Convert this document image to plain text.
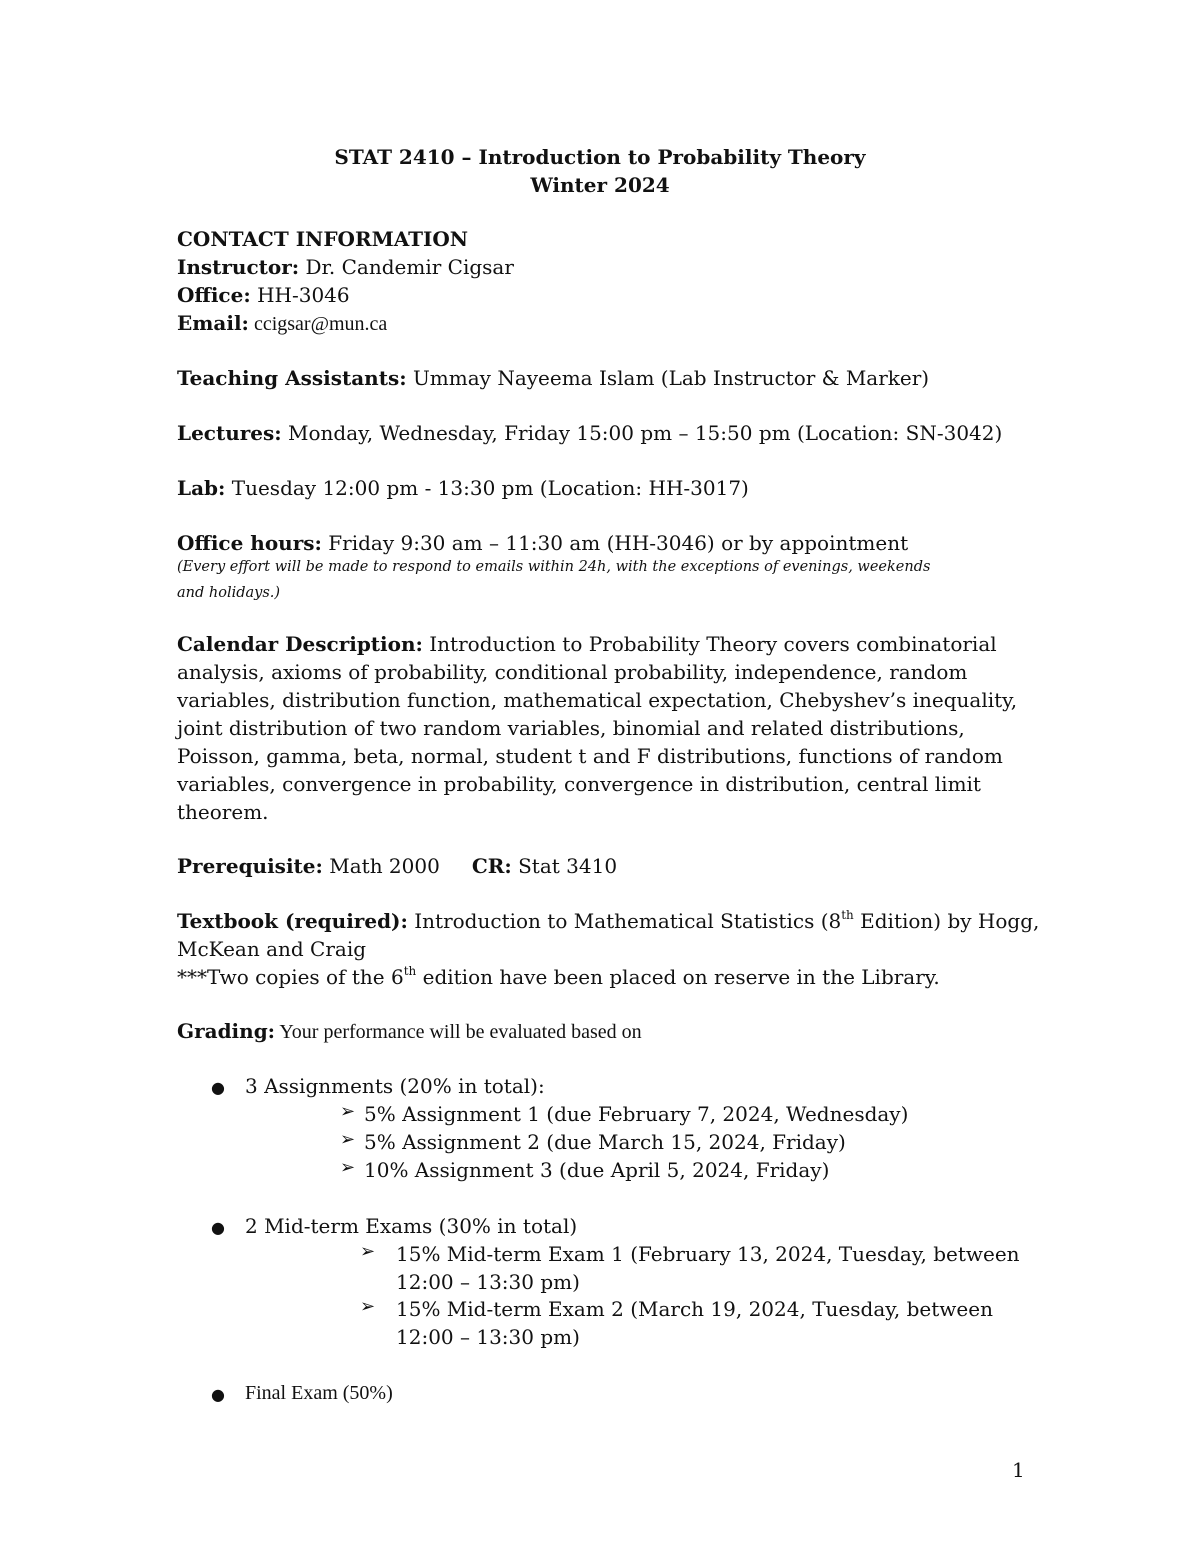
STAT 2410 – Introduction to Probability Theory
Winter 2024
CONTACT INFORMATION
Instructor: Dr. Candemir Cigsar
Office: HH-3046
Email: ccigsar@mun.ca
Teaching Assistants: Ummay Nayeema Islam (Lab Instructor & Marker)
Lectures: Monday, Wednesday, Friday 15:00 pm – 15:50 pm (Location: SN-3042)
Lab: Tuesday 12:00 pm - 13:30 pm (Location: HH-3017)
Office hours: Friday 9:30 am – 11:30 am (HH-3046) or by appointment
(Every effort will be made to respond to emails within 24h, with the exceptions of evenings, weekends
and holidays.)
Calendar Description: Introduction to Probability Theory covers combinatorial
analysis, axioms of probability, conditional probability, independence, random
variables, distribution function, mathematical expectation, Chebyshev’s inequality,
joint distribution of two random variables, binomial and related distributions,
Poisson, gamma, beta, normal, student t and F distributions, functions of random
variables, convergence in probability, convergence in distribution, central limit
theorem.
Prerequisite: Math 2000 CR: Stat 3410
Textbook (required): Introduction to Mathematical Statistics (8th Edition) by Hogg,
McKean and Craig
***Two copies of the 6th edition have been placed on reserve in the Library.
Grading: Your performance will be evaluated based on
● 3 Assignments (20% in total):
➢ 5% Assignment 1 (due February 7, 2024, Wednesday)
➢ 5% Assignment 2 (due March 15, 2024, Friday)
➢ 10% Assignment 3 (due April 5, 2024, Friday)
● 2 Mid-term Exams (30% in total)
➢ 15% Mid-term Exam 1 (February 13, 2024, Tuesday, between
12:00 – 13:30 pm)
➢ 15% Mid-term Exam 2 (March 19, 2024, Tuesday, between
12:00 – 13:30 pm)
● Final Exam (50%)
1
